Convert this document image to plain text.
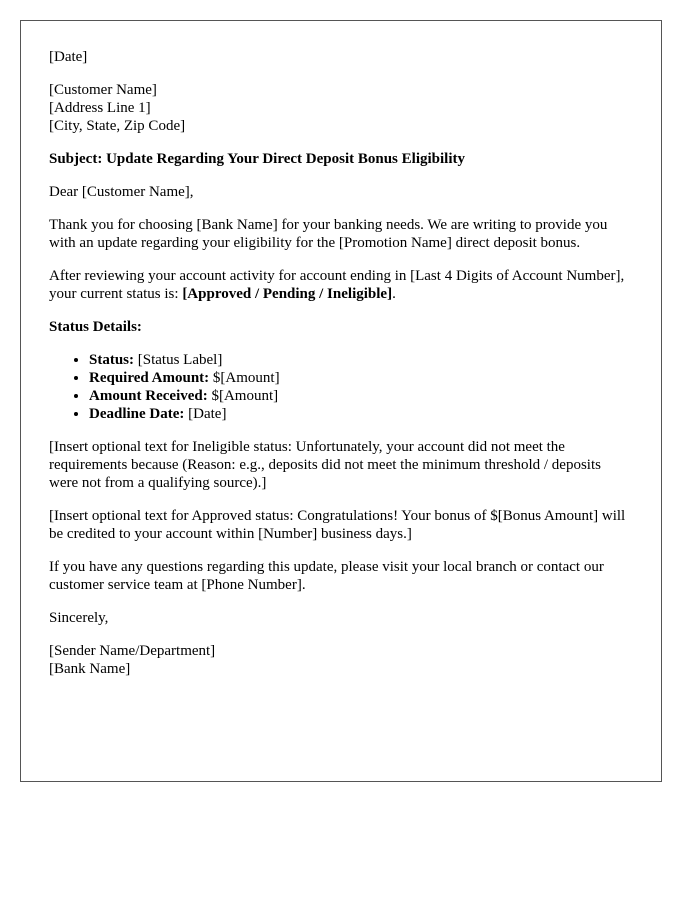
[Date]

[Customer Name]
[Address Line 1]
[City, State, Zip Code]

Subject: Update Regarding Your Direct Deposit Bonus Eligibility

Dear [Customer Name],

Thank you for choosing [Bank Name] for your banking needs. We are writing to provide you with an update regarding your eligibility for the [Promotion Name] direct deposit bonus.

After reviewing your account activity for account ending in [Last 4 Digits of Account Number], your current status is: [Approved / Pending / Ineligible].

Status Details:

• Status: [Status Label]
• Required Amount: $[Amount]
• Amount Received: $[Amount]
• Deadline Date: [Date]

[Insert optional text for Ineligible status: Unfortunately, your account did not meet the requirements because (Reason: e.g., deposits did not meet the minimum threshold / deposits were not from a qualifying source).]

[Insert optional text for Approved status: Congratulations! Your bonus of $[Bonus Amount] will be credited to your account within [Number] business days.]

If you have any questions regarding this update, please visit your local branch or contact our customer service team at [Phone Number].

Sincerely,

[Sender Name/Department]
[Bank Name]
